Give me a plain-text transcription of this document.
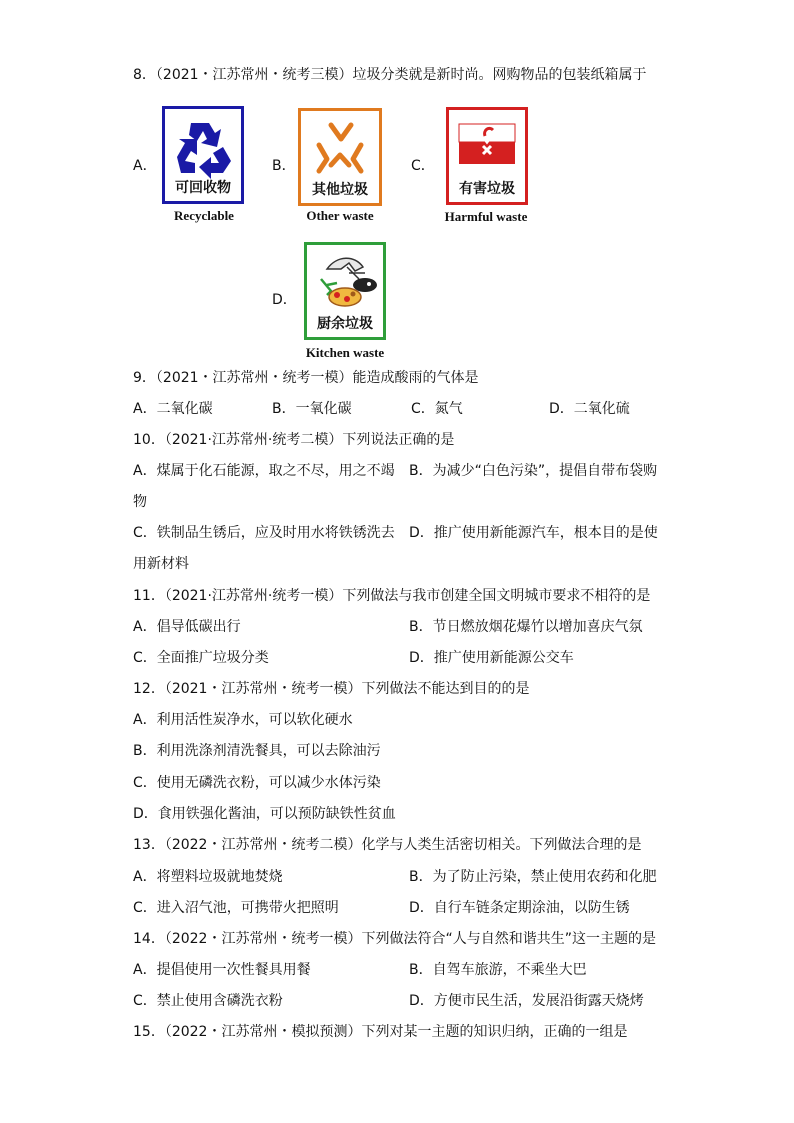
8．（2021・江苏常州・统考三模）垃圾分类就是新时尚。网购物品的包装纸箱属于
A．
可回收物
Recyclable
B．
其他垃圾
Other waste
C．
有害垃圾
Harmful waste
D．
厨余垃圾
Kitchen waste
9．（2021・江苏常州・统考一模）能造成酸雨的气体是
A．二氧化碳	B．一氧化碳	C．氮气	D．二氧化硫
10．（2021·江苏常州·统考二模）下列说法正确的是
A．煤属于化石能源，取之不尽，用之不竭 B．为减少“白色污染”，提倡自带布袋购
物
C．铁制品生锈后，应及时用水将铁锈洗去 D．推广使用新能源汽车，根本目的是使
用新材料
11．（2021·江苏常州·统考一模）下列做法与我市创建全国文明城市要求不相符的是
A．倡导低碳出行	B．节日燃放烟花爆竹以增加喜庆气氛
C．全面推广垃圾分类	D．推广使用新能源公交车
12．（2021・江苏常州・统考一模）下列做法不能达到目的的是
A．利用活性炭净水，可以软化硬水
B．利用洗涤剂清洗餐具，可以去除油污
C．使用无磷洗衣粉，可以减少水体污染
D．食用铁强化酱油，可以预防缺铁性贫血
13．（2022・江苏常州・统考二模）化学与人类生活密切相关。下列做法合理的是
A．将塑料垃圾就地焚烧	B．为了防止污染，禁止使用农药和化肥
C．进入沼气池，可携带火把照明	D．自行车链条定期涂油，以防生锈
14．（2022・江苏常州・统考一模）下列做法符合“人与自然和谐共生”这一主题的是
A．提倡使用一次性餐具用餐	B．自驾车旅游，不乘坐大巴
C．禁止使用含磷洗衣粉	D．方便市民生活，发展沿街露天烧烤
15．（2022・江苏常州・模拟预测）下列对某一主题的知识归纳，正确的一组是
